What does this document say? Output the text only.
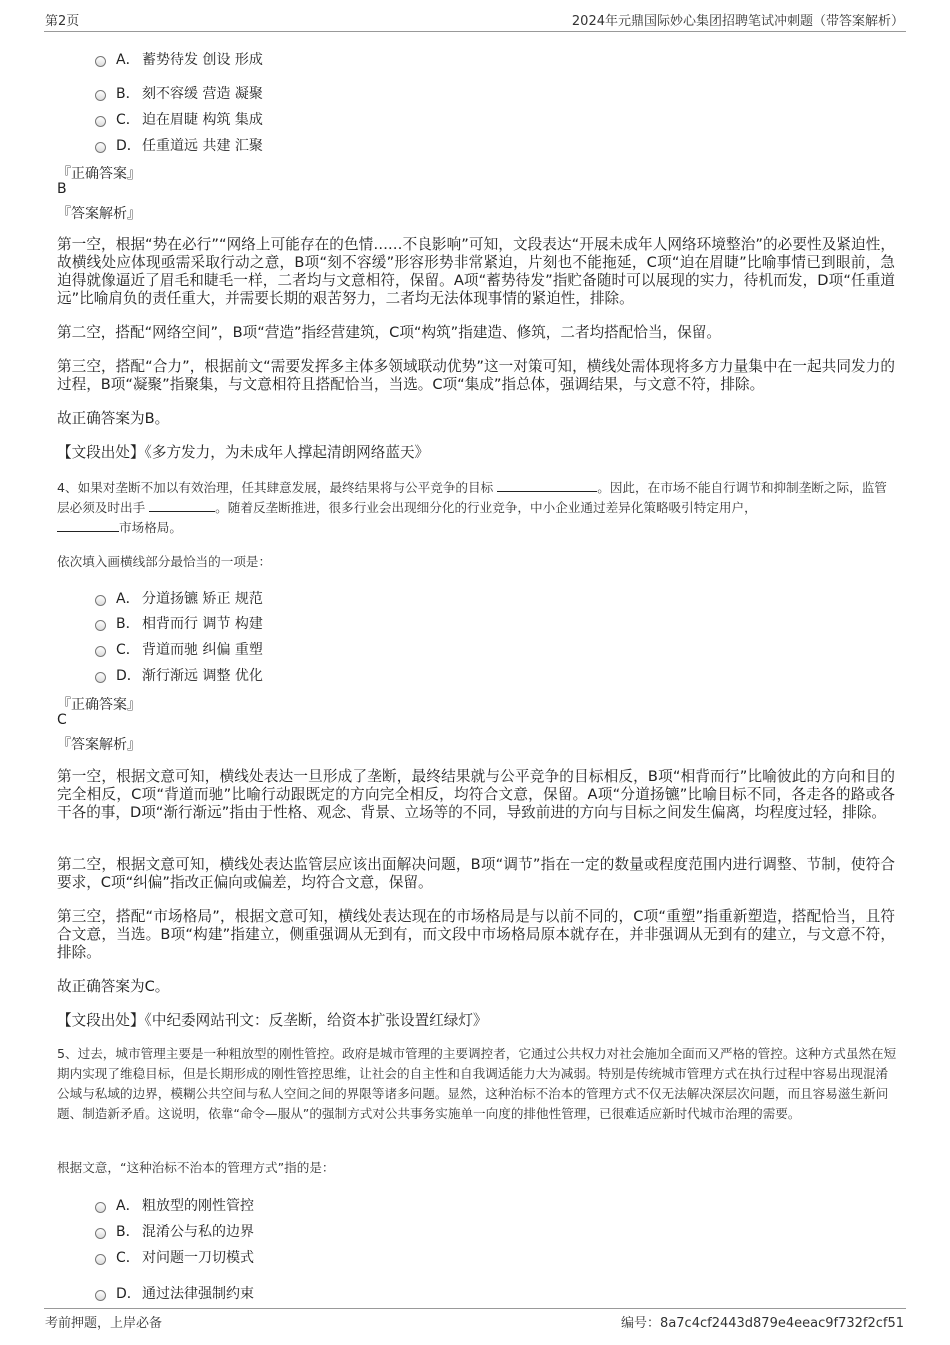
第2页	2024年元鼎国际妙心集团招聘笔试冲刺题（带答案解析）
A． 蓄势待发 创设 形成
B． 刻不容缓 营造 凝聚
C． 迫在眉睫 构筑 集成
D． 任重道远 共建 汇聚
『正确答案』
B
『答案解析』
第一空，根据“势在必行”“网络上可能存在的色情……不良影响”可知，文段表达“开展未成年人网络环境整治”的必要性及紧迫性，故横线处应体现亟需采取行动之意，B项“刻不容缓”形容形势非常紧迫，片刻也不能拖延，C项“迫在眉睫”比喻事情已到眼前，急迫得就像逼近了眉毛和睫毛一样，二者均与文意相符，保留。A项“蓄势待发”指贮备随时可以展现的实力，待机而发，D项“任重道远”比喻肩负的责任重大，并需要长期的艰苦努力，二者均无法体现事情的紧迫性，排除。
第二空，搭配“网络空间”，B项“营造”指经营建筑，C项“构筑”指建造、修筑，二者均搭配恰当，保留。
第三空，搭配“合力”，根据前文“需要发挥多主体多领域联动优势”这一对策可知，横线处需体现将多方力量集中在一起共同发力的过程，B项“凝聚”指聚集，与文意相符且搭配恰当，当选。C项“集成”指总体，强调结果，与文意不符，排除。
故正确答案为B。
【文段出处】《多方发力，为未成年人撑起清朗网络蓝天》
4、如果对垄断不加以有效治理，任其肆意发展，最终结果将与公平竞争的目标	。因此，在市场不能自行调节和抑制垄断之际，监管层必须及时出手	。随着反垄断推进，很多行业会出现细分化的行业竞争，中小企业通过差异化策略吸引特定用户，
市场格局。
依次填入画横线部分最恰当的一项是：
A． 分道扬镳 矫正 规范
B． 相背而行 调节 构建
C． 背道而驰 纠偏 重塑
D． 渐行渐远 调整 优化
『正确答案』
C
『答案解析』
第一空，根据文意可知，横线处表达一旦形成了垄断，最终结果就与公平竞争的目标相反，B项“相背而行”比喻彼此的方向和目的完全相反，C项“背道而驰”比喻行动跟既定的方向完全相反，均符合文意，保留。A项“分道扬镳”比喻目标不同，各走各的路或各干各的事，D项“渐行渐远”指由于性格、观念、背景、立场等的不同，导致前进的方向与目标之间发生偏离，均程度过轻，排除。
第二空，根据文意可知，横线处表达监管层应该出面解决问题，B项“调节”指在一定的数量或程度范围内进行调整、节制，使符合要求，C项“纠偏”指改正偏向或偏差，均符合文意，保留。
第三空，搭配“市场格局”，根据文意可知，横线处表达现在的市场格局是与以前不同的，C项“重塑”指重新塑造，搭配恰当，且符合文意，当选。B项“构建”指建立，侧重强调从无到有，而文段中市场格局原本就存在，并非强调从无到有的建立，与文意不符，排除。
故正确答案为C。
【文段出处】《中纪委网站刊文：反垄断，给资本扩张设置红绿灯》
5、过去，城市管理主要是一种粗放型的刚性管控。政府是城市管理的主要调控者，它通过公共权力对社会施加全面而又严格的管控。这种方式虽然在短期内实现了维稳目标，但是长期形成的刚性管控思维，让社会的自主性和自我调适能力大为减弱。特别是传统城市管理方式在执行过程中容易出现混淆公域与私域的边界，模糊公共空间与私人空间之间的界限等诸多问题。显然，这种治标不治本的管理方式不仅无法解决深层次问题，而且容易滋生新问题、制造新矛盾。这说明，依靠“命令—服从”的强制方式对公共事务实施单一向度的排他性管理，已很难适应新时代城市治理的需要。
根据文意，“这种治标不治本的管理方式”指的是：
A． 粗放型的刚性管控
B． 混淆公与私的边界
C． 对问题一刀切模式
D． 通过法律强制约束
考前押题，上岸必备	编号：8a7c4cf2443d879e4eeac9f732f2cf51
